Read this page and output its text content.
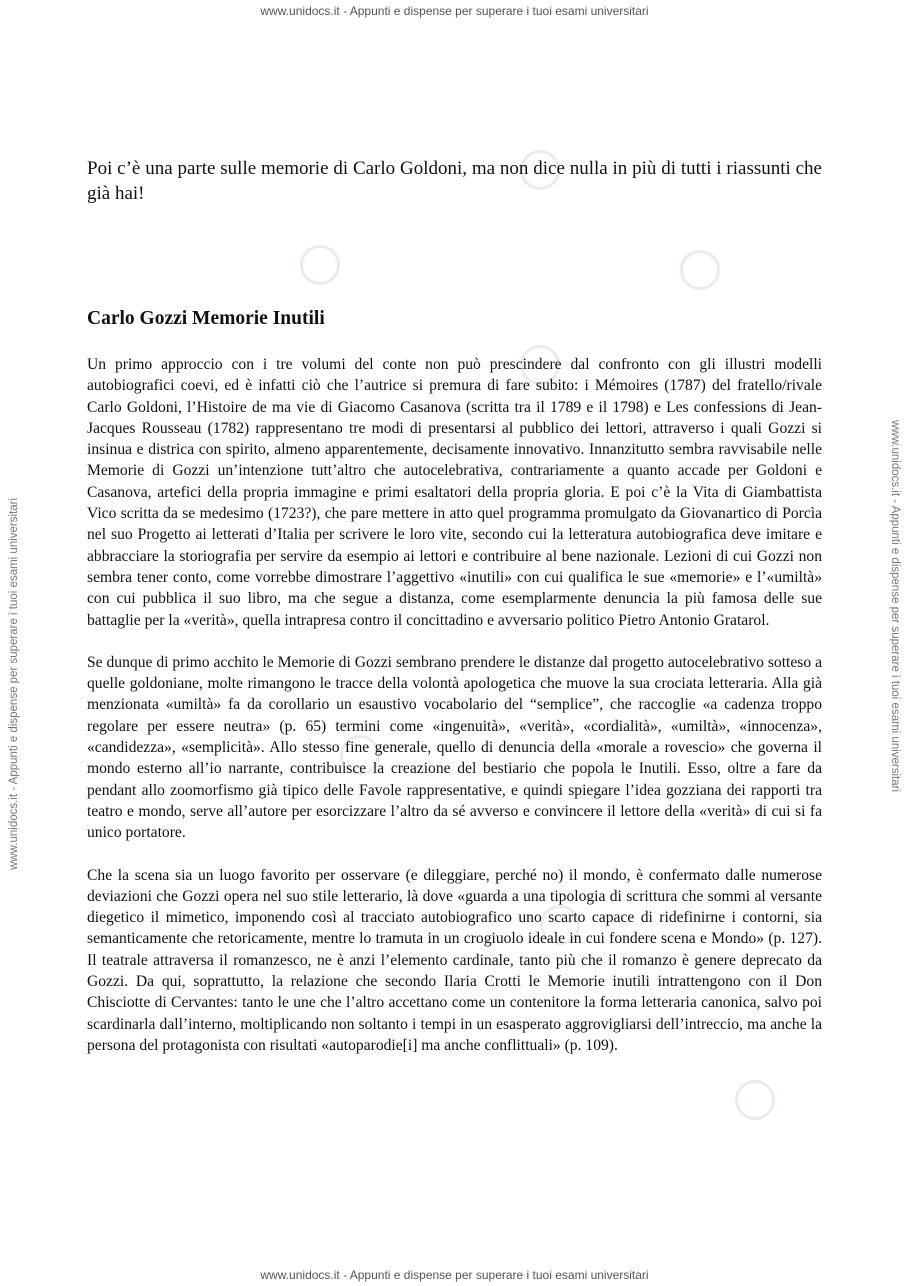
www.unidocs.it - Appunti e dispense per superare i tuoi esami universitari
www.unidocs.it - Appunti e dispense per superare i tuoi esami universitari	www.unidocs.it - Appunti e dispense per superare i tuoi esami universitari

Poi c’è una parte sulle memorie di Carlo Goldoni, ma non dice nulla in più di tutti i riassunti che già hai!

Carlo Gozzi Memorie Inutili

Un primo approccio con i tre volumi del conte non può prescindere dal confronto con gli illustri modelli autobiografici coevi, ed è infatti ciò che l’autrice si premura di fare subito: i Mémoires (1787) del fratello/rivale Carlo Goldoni, l’Histoire de ma vie di Giacomo Casanova (scritta tra il 1789 e il 1798) e Les confessions di Jean-Jacques Rousseau (1782) rappresentano tre modi di presentarsi al pubblico dei lettori, attraverso i quali Gozzi si insinua e districa con spirito, almeno apparentemente, decisamente innovativo. Innanzitutto sembra ravvisabile nelle Memorie di Gozzi un’intenzione tutt’altro che autocelebrativa, contrariamente a quanto accade per Goldoni e Casanova, artefici della propria immagine e primi esaltatori della propria gloria. E poi c’è la Vita di Giambattista Vico scritta da se medesimo (1723?), che pare mettere in atto quel programma promulgato da Giovanartico di Porcìa nel suo Progetto ai letterati d’Italia per scrivere le loro vite, secondo cui la letteratura autobiografica deve imitare e abbracciare la storiografia per servire da esempio ai lettori e contribuire al bene nazionale. Lezioni di cui Gozzi non sembra tener conto, come vorrebbe dimostrare l’aggettivo «inutili» con cui qualifica le sue «memorie» e l’«umiltà» con cui pubblica il suo libro, ma che segue a distanza, come esemplarmente denuncia la più famosa delle sue battaglie per la «verità», quella intrapresa contro il concittadino e avversario politico Pietro Antonio Gratarol.

Se dunque di primo acchito le Memorie di Gozzi sembrano prendere le distanze dal progetto autocelebrativo sotteso a quelle goldoniane, molte rimangono le tracce della volontà apologetica che muove la sua crociata letteraria. Alla già menzionata «umiltà» fa da corollario un esaustivo vocabolario del “semplice”, che raccoglie «a cadenza troppo regolare per essere neutra» (p. 65) termini come «ingenuità», «verità», «cordialità», «umiltà», «innocenza», «candidezza», «semplicità». Allo stesso fine generale, quello di denuncia della «morale a rovescio» che governa il mondo esterno all’io narrante, contribuisce la creazione del bestiario che popola le Inutili. Esso, oltre a fare da pendant allo zoomorfismo già tipico delle Favole rappresentative, e quindi spiegare l’idea gozziana dei rapporti tra teatro e mondo, serve all’autore per esorcizzare l’altro da sé avverso e convincere il lettore della «verità» di cui si fa unico portatore.

Che la scena sia un luogo favorito per osservare (e dileggiare, perché no) il mondo, è confermato dalle numerose deviazioni che Gozzi opera nel suo stile letterario, là dove «guarda a una tipologia di scrittura che sommi al versante diegetico il mimetico, imponendo così al tracciato autobiografico uno scarto capace di ridefinirne i contorni, sia semanticamente che retoricamente, mentre lo tramuta in un crogiuolo ideale in cui fondere scena e Mondo» (p. 127). Il teatrale attraversa il romanzesco, ne è anzi l’elemento cardinale, tanto più che il romanzo è genere deprecato da Gozzi. Da qui, soprattutto, la relazione che secondo Ilaria Crotti le Memorie inutili intrattengono con il Don Chisciotte di Cervantes: tanto le une che l’altro accettano come un contenitore la forma letteraria canonica, salvo poi scardinarla dall’interno, moltiplicando non soltanto i tempi in un esasperato aggrovigliarsi dell’intreccio, ma anche la persona del protagonista con risultati «autoparodie[i] ma anche conflittuali» (p. 109).

www.unidocs.it - Appunti e dispense per superare i tuoi esami universitari
